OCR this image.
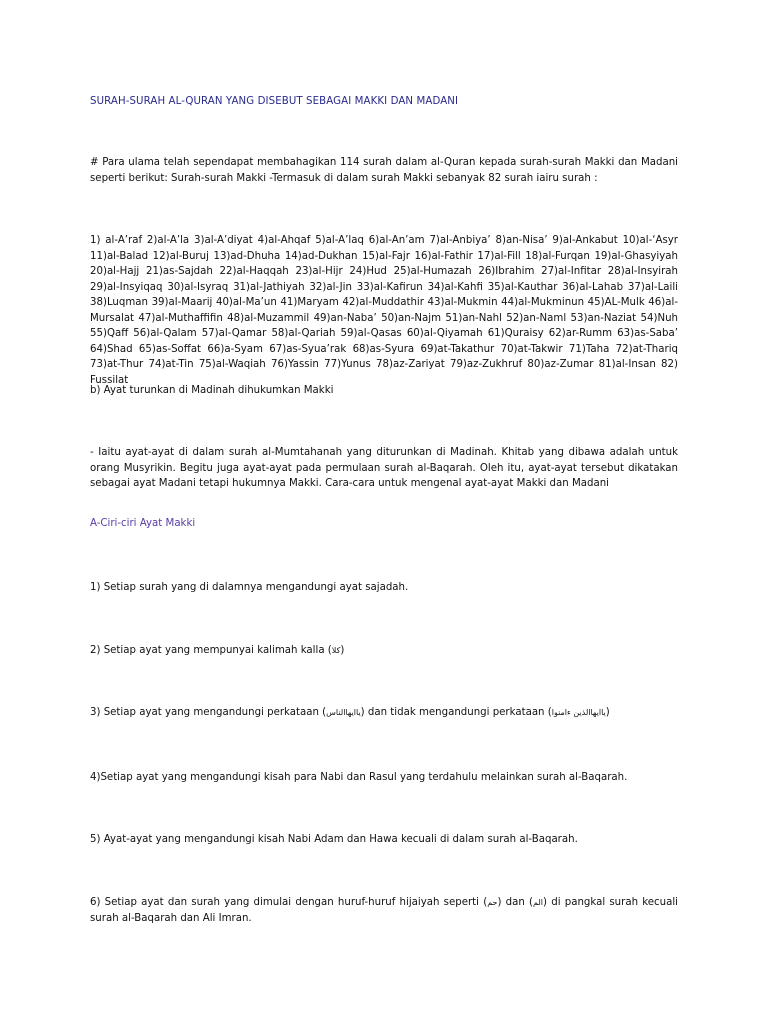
SURAH-SURAH AL-QURAN YANG DISEBUT SEBAGAI MAKKI DAN MADANI

# Para ulama telah sependapat membahagikan 114 surah dalam al-Quran kepada surah-surah Makki dan Madani seperti berikut: Surah-surah Makki -Termasuk di dalam surah Makki sebanyak 82 surah iairu surah :

1) al-A’raf 2)al-A’la 3)al-A’diyat 4)al-Ahqaf 5)al-A’laq 6)al-An’am 7)al-Anbiya’ 8)an-Nisa’ 9)al-Ankabut 10)al-‘Asyr 11)al-Balad 12)al-Buruj 13)ad-Dhuha 14)ad-Dukhan 15)al-Fajr 16)al-Fathir 17)al-Fill 18)al-Furqan 19)al-Ghasyiyah 20)al-Hajj 21)as-Sajdah 22)al-Haqqah 23)al-Hijr 24)Hud 25)al-Humazah 26)Ibrahim 27)al-Infitar 28)al-Insyirah 29)al-Insyiqaq 30)al-Isyraq 31)al-Jathiyah 32)al-Jin 33)al-Kafirun 34)al-Kahfi 35)al-Kauthar 36)al-Lahab 37)al-Laili 38)Luqman 39)al-Maarij 40)al-Ma’un 41)Maryam 42)al-Muddathir 43)al-Mukmin 44)al-Mukminun 45)AL-Mulk 46)al-Mursalat 47)al-Muthaffifin 48)al-Muzammil 49)an-Naba’ 50)an-Najm 51)an-Nahl 52)an-Naml 53)an-Naziat 54)Nuh 55)Qaff 56)al-Qalam 57)al-Qamar 58)al-Qariah 59)al-Qasas 60)al-Qiyamah 61)Quraisy 62)ar-Rumm 63)as-Saba’ 64)Shad 65)as-Soffat 66)a-Syam 67)as-Syua’rak 68)as-Syura 69)at-Takathur 70)at-Takwir 71)Taha 72)at-Thariq 73)at-Thur 74)at-Tin 75)al-Waqiah 76)Yassin 77)Yunus 78)az-Zariyat 79)az-Zukhruf 80)az-Zumar 81)al-Insan 82) Fussilat

b) Ayat turunkan di Madinah dihukumkan Makki

- Iaitu ayat-ayat di dalam surah al-Mumtahanah yang diturunkan di Madinah. Khitab yang dibawa adalah untuk orang Musyrikin. Begitu juga ayat-ayat pada permulaan surah al-Baqarah. Oleh itu, ayat-ayat tersebut dikatakan sebagai ayat Madani tetapi hukumnya Makki. Cara-cara untuk mengenal ayat-ayat Makki dan Madani

A-Ciri-ciri Ayat Makki

1) Setiap surah yang di dalamnya mengandungi ayat sajadah.

2) Setiap ayat yang mempunyai kalimah kalla (كلا)

3) Setiap ayat yang mengandungi perkataan (ياايهاالناس) dan tidak mengandungi perkataan (ياايهاالذين ءامنوا)

4)Setiap ayat yang mengandungi kisah para Nabi dan Rasul yang terdahulu melainkan surah al-Baqarah.

5) Ayat-ayat yang mengandungi kisah Nabi Adam dan Hawa kecuali di dalam surah al-Baqarah.

6) Setiap ayat dan surah yang dimulai dengan huruf-huruf hijaiyah seperti (حم) dan (الم) di pangkal surah kecuali surah al-Baqarah dan Ali Imran.
